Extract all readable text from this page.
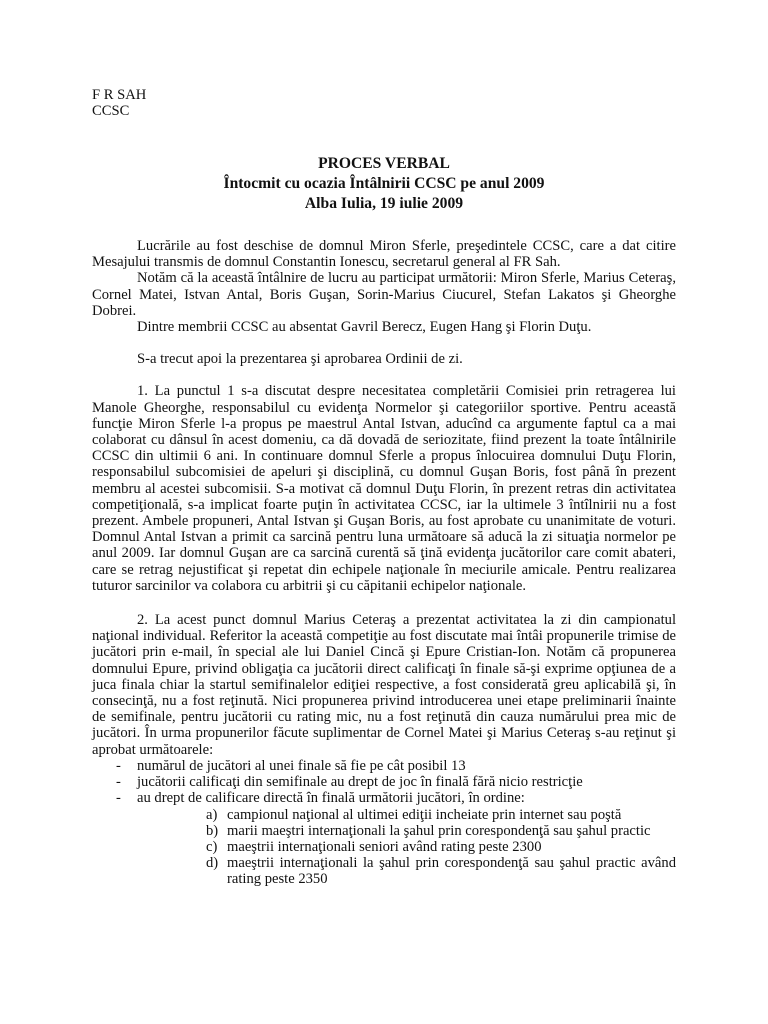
F R SAH
CCSC
PROCES VERBAL
Întocmit cu ocazia Întâlnirii CCSC pe anul 2009
Alba Iulia, 19 iulie 2009

Lucrările au fost deschise de domnul Miron Sferle, preşedintele CCSC, care a dat citire Mesajului transmis de domnul Constantin Ionescu, secretarul general al FR Sah.

Notăm că la această întâlnire de lucru au participat următorii: Miron Sferle, Marius Ceteraş, Cornel Matei, Istvan Antal, Boris Guşan, Sorin-Marius Ciucurel, Stefan Lakatos şi Gheorghe Dobrei.

Dintre membrii CCSC au absentat Gavril Berecz, Eugen Hang şi Florin Duţu.

S-a trecut apoi la prezentarea şi aprobarea Ordinii de zi.

1. La punctul 1 s-a discutat despre necesitatea completării Comisiei prin retragerea lui Manole Gheorghe, responsabilul cu evidenţa Normelor şi categoriilor sportive. Pentru această funcţie Miron Sferle l-a propus pe maestrul Antal Istvan, aducînd ca argumente faptul ca a mai colaborat cu dânsul în acest domeniu, ca dă dovadă de seriozitate, fiind prezent la toate întâlnirile CCSC din ultimii 6 ani. In continuare domnul Sferle a propus înlocuirea domnului Duţu Florin, responsabilul subcomisiei de apeluri şi disciplină, cu domnul Guşan Boris, fost până în prezent membru al acestei subcomisii. S-a motivat că domnul Duţu Florin, în prezent retras din activitatea competiţională, s-a implicat foarte puţin în activitatea CCSC, iar la ultimele 3 întîlnirii nu a fost prezent. Ambele propuneri, Antal Istvan şi Guşan Boris, au fost aprobate cu unanimitate de voturi. Domnul Antal Istvan a primit ca sarcină pentru luna următoare să aducă la zi situaţia normelor pe anul 2009. Iar domnul Guşan are ca sarcină curentă să ţină evidenţa jucătorilor care comit abateri, care se retrag nejustificat şi repetat din echipele naţionale în meciurile amicale. Pentru realizarea tuturor sarcinilor va colabora cu arbitrii şi cu căpitanii echipelor naţionale.

2. La acest punct domnul Marius Ceteraş a prezentat activitatea la zi din campionatul naţional individual. Referitor la această competiţie au fost discutate mai întâi propunerile trimise de jucători prin e-mail, în special ale lui Daniel Cincă şi Epure Cristian-Ion. Notăm că propunerea domnului Epure, privind obligaţia ca jucătorii direct calificaţi în finale să-şi exprime opţiunea de a juca finala chiar la startul semifinalelor ediţiei respective, a fost considerată greu aplicabilă şi, în consecinţă, nu a fost reţinută. Nici propunerea privind introducerea unei etape preliminarii înainte de semifinale, pentru jucătorii cu rating mic, nu a fost reţinută din cauza numărului prea mic de jucători. În urma propunerilor făcute suplimentar de Cornel Matei şi Marius Ceteraş s-au reţinut şi aprobat următoarele:

- numărul de jucători al unei finale să fie pe cât posibil 13
- jucătorii calificaţi din semifinale au drept de joc în finală fără nicio restricţie
- au drept de calificare directă în finală următorii jucători, în ordine:
a) campionul naţional al ultimei ediţii incheiate prin internet sau poştă
b) marii maeştri internaţionali la şahul prin corespondenţă sau şahul practic
c) maeştrii internaţionali seniori având rating peste 2300
d) maeştrii internaţionali la şahul prin corespondenţă sau şahul practic având rating peste 2350
